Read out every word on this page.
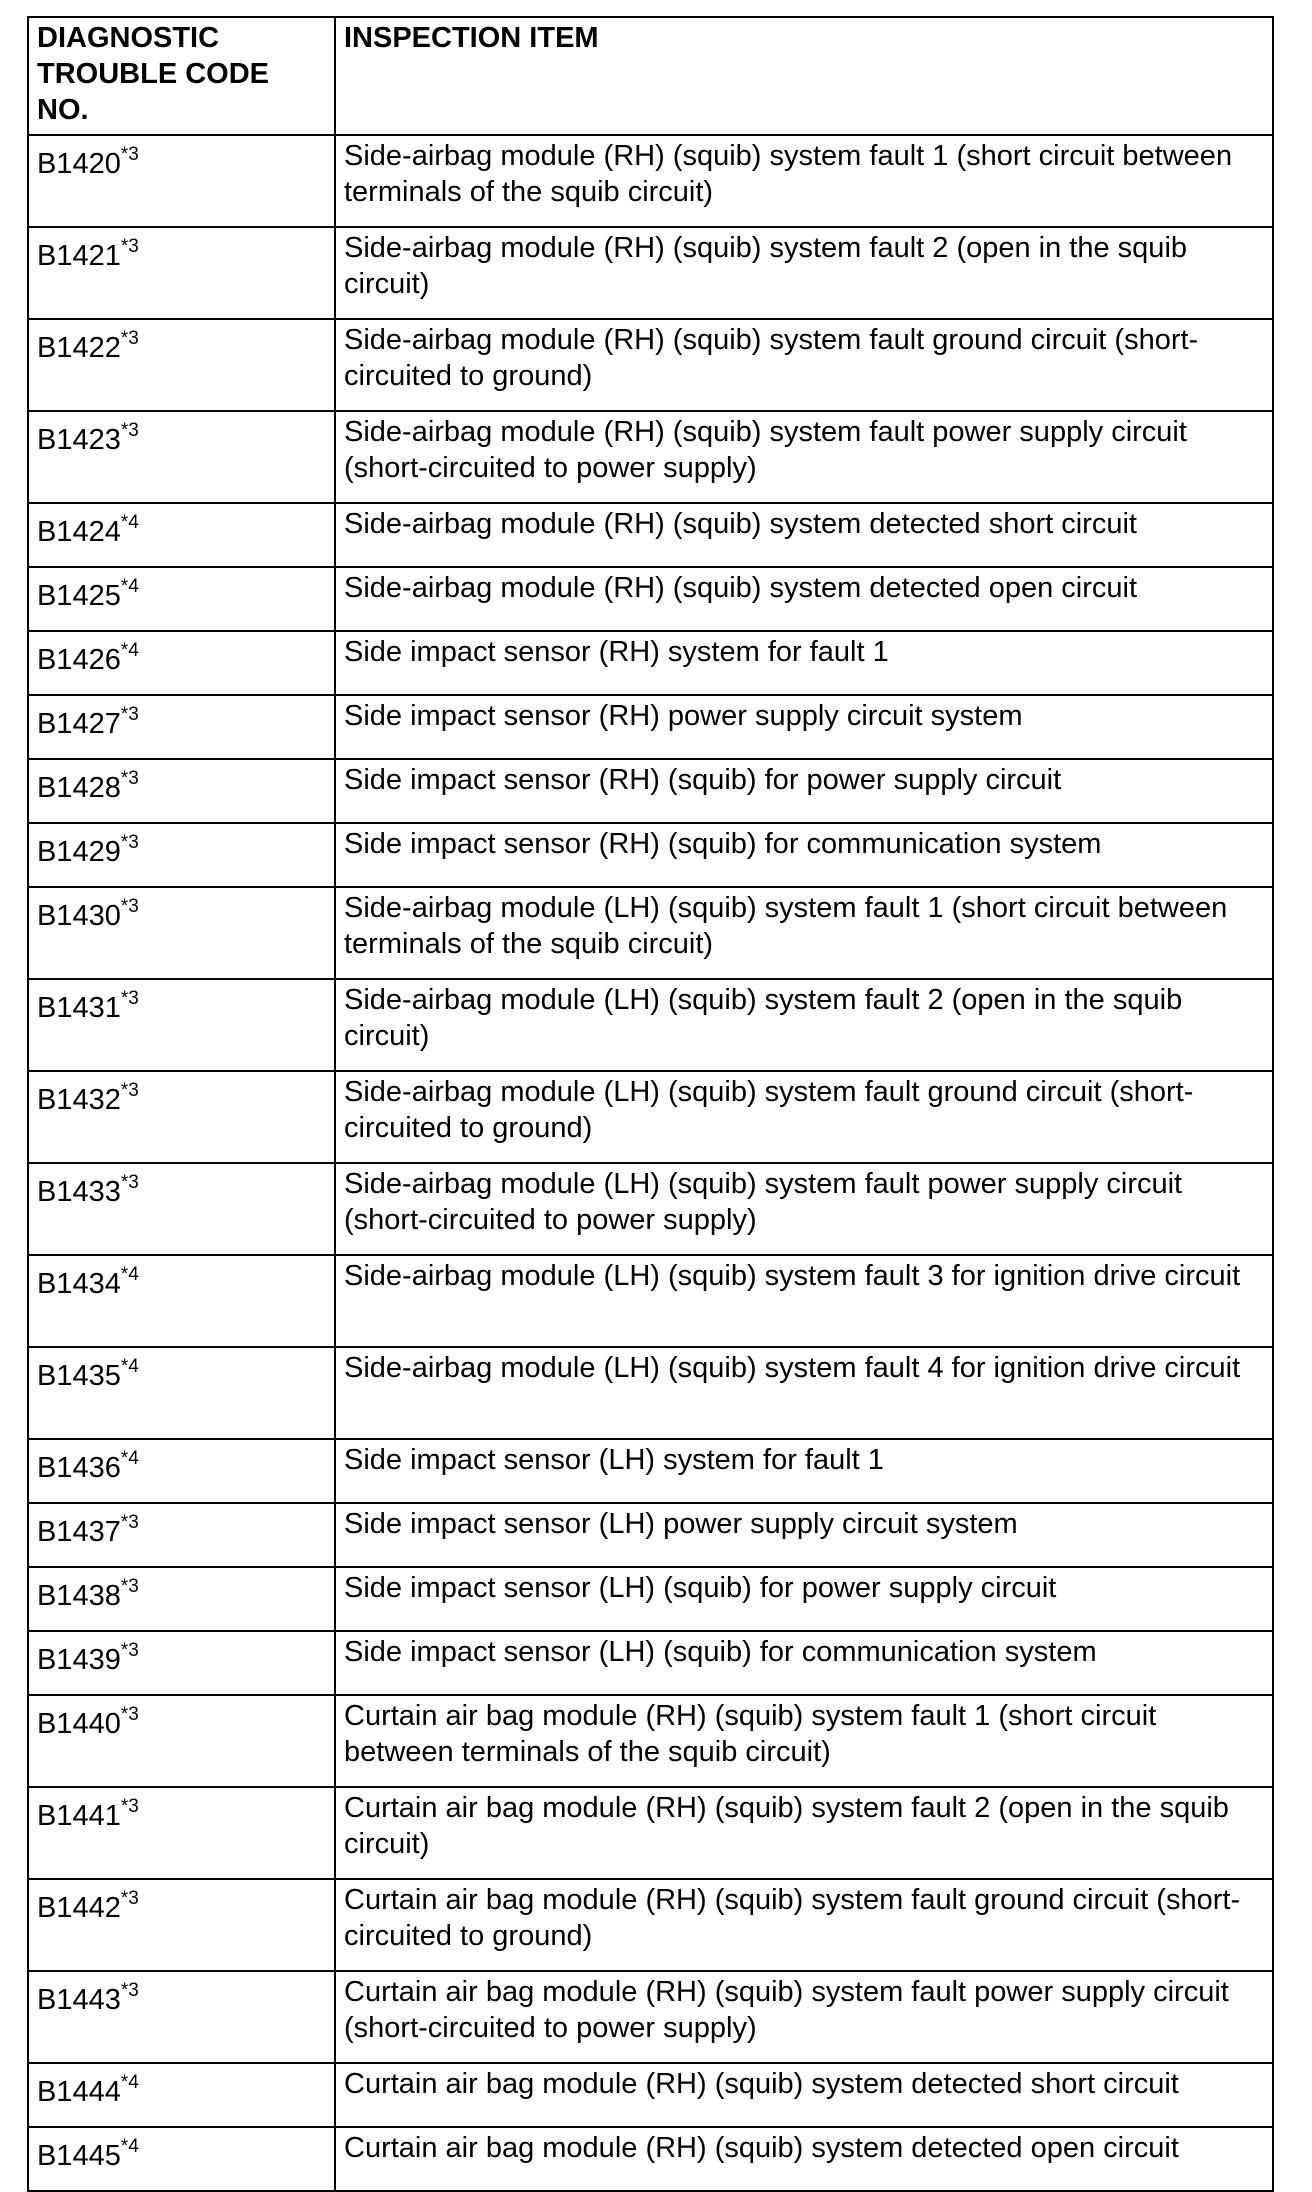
DIAGNOSTIC TROUBLE CODE NO.	INSPECTION ITEM
B1420$^{*3}$	Side-airbag module (RH) (squib) system fault 1 (short circuit between terminals of the squib circuit)
B1421$^{*3}$	Side-airbag module (RH) (squib) system fault 2 (open in the squib circuit)
B1422$^{*3}$	Side-airbag module (RH) (squib) system fault ground circuit (short-circuited to ground)
B1423$^{*3}$	Side-airbag module (RH) (squib) system fault power supply circuit (short-circuited to power supply)
B1424$^{*4}$	Side-airbag module (RH) (squib) system detected short circuit
B1425$^{*4}$	Side-airbag module (RH) (squib) system detected open circuit
B1426$^{*4}$	Side impact sensor (RH) system for fault 1
B1427$^{*3}$	Side impact sensor (RH) power supply circuit system
B1428$^{*3}$	Side impact sensor (RH) (squib) for power supply circuit
B1429$^{*3}$	Side impact sensor (RH) (squib) for communication system
B1430$^{*3}$	Side-airbag module (LH) (squib) system fault 1 (short circuit between terminals of the squib circuit)
B1431$^{*3}$	Side-airbag module (LH) (squib) system fault 2 (open in the squib circuit)
B1432$^{*3}$	Side-airbag module (LH) (squib) system fault ground circuit (short-circuited to ground)
B1433$^{*3}$	Side-airbag module (LH) (squib) system fault power supply circuit (short-circuited to power supply)
B1434$^{*4}$	Side-airbag module (LH) (squib) system fault 3 for ignition drive circuit
B1435$^{*4}$	Side-airbag module (LH) (squib) system fault 4 for ignition drive circuit
B1436$^{*4}$	Side impact sensor (LH) system for fault 1
B1437$^{*3}$	Side impact sensor (LH) power supply circuit system
B1438$^{*3}$	Side impact sensor (LH) (squib) for power supply circuit
B1439$^{*3}$	Side impact sensor (LH) (squib) for communication system
B1440$^{*3}$	Curtain air bag module (RH) (squib) system fault 1 (short circuit between terminals of the squib circuit)
B1441$^{*3}$	Curtain air bag module (RH) (squib) system fault 2 (open in the squib circuit)
B1442$^{*3}$	Curtain air bag module (RH) (squib) system fault ground circuit (short-circuited to ground)
B1443$^{*3}$	Curtain air bag module (RH) (squib) system fault power supply circuit (short-circuited to power supply)
B1444$^{*4}$	Curtain air bag module (RH) (squib) system detected short circuit
B1445$^{*4}$	Curtain air bag module (RH) (squib) system detected open circuit
